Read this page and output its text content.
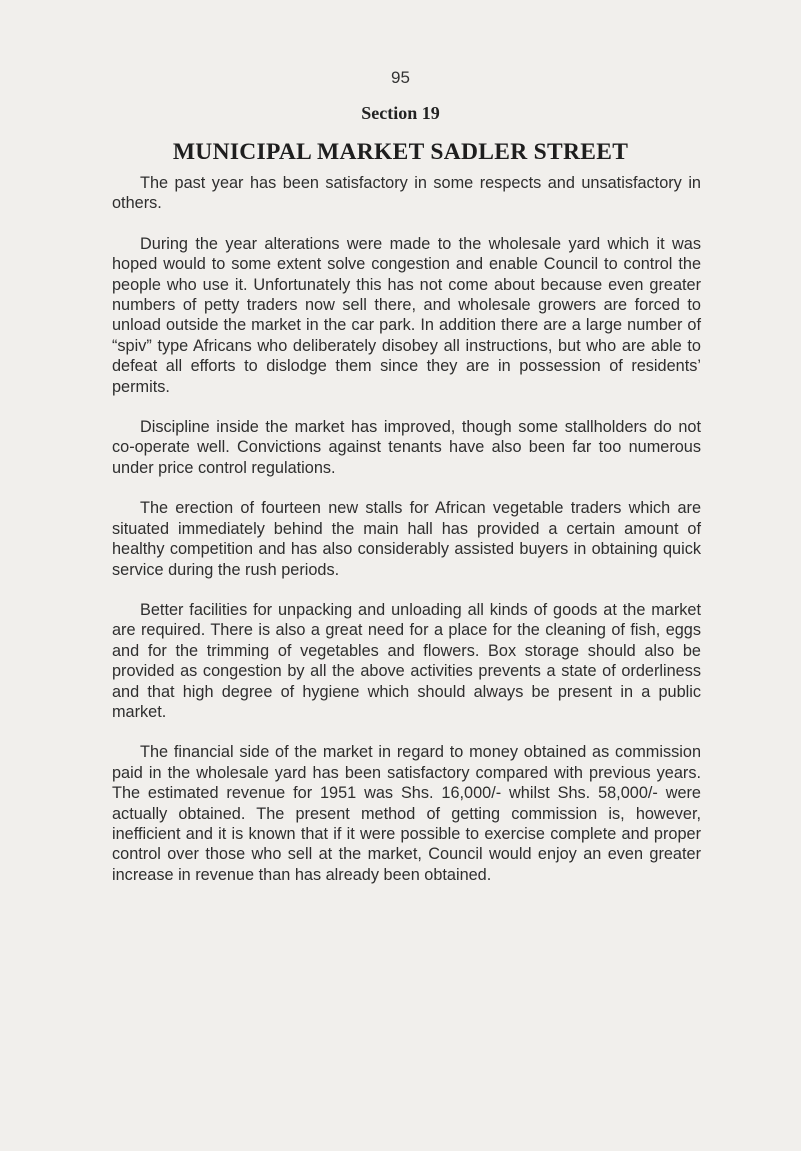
95
Section 19
MUNICIPAL MARKET SADLER STREET

The past year has been satisfactory in some respects and unsatisfactory in others.

During the year alterations were made to the wholesale yard which it was hoped would to some extent solve congestion and enable Council to control the people who use it. Unfortunately this has not come about because even greater numbers of petty traders now sell there, and wholesale growers are forced to unload outside the market in the car park. In addition there are a large number of “spiv” type Africans who deliberately disobey all instructions, but who are able to defeat all efforts to dislodge them since they are in possession of residents’ permits.

Discipline inside the market has improved, though some stallholders do not co-operate well. Convictions against tenants have also been far too numerous under price control regulations.

The erection of fourteen new stalls for African vegetable traders which are situated immediately behind the main hall has provided a certain amount of healthy competition and has also considerably assisted buyers in obtaining quick service during the rush periods.

Better facilities for unpacking and unloading all kinds of goods at the market are required. There is also a great need for a place for the cleaning of fish, eggs and for the trimming of vegetables and flowers. Box storage should also be provided as congestion by all the above activities prevents a state of orderliness and that high degree of hygiene which should always be present in a public market.

The financial side of the market in regard to money obtained as commission paid in the wholesale yard has been satisfactory compared with previous years. The estimated revenue for 1951 was Shs. 16,000/- whilst Shs. 58,000/- were actually obtained. The present method of getting commission is, however, inefficient and it is known that if it were possible to exercise complete and proper control over those who sell at the market, Council would enjoy an even greater increase in revenue than has already been obtained.
